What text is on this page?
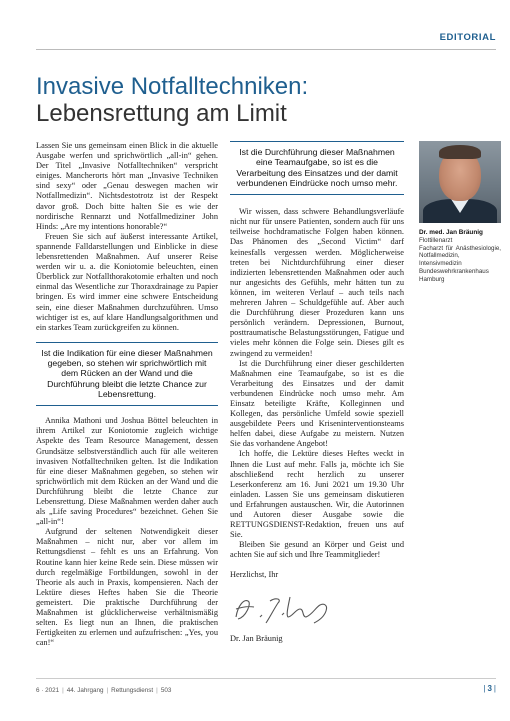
EDITORIAL
Invasive Notfalltechniken:
Lebensrettung am Limit

Lassen Sie uns gemeinsam einen Blick in die aktuelle Ausgabe werfen und sprichwörtlich „all-in“ gehen. Der Titel „Invasive Notfalltechniken“ verspricht einiges. Mancherorts hört man „Invasive Techniken sind sexy“ oder „Genau deswegen machen wir Notfallmedizin“. Nichtsdestotrotz ist der Respekt davor groß. Doch bitte halten Sie es wie der nordirische Rennarzt und Notfallmediziner John Hinds: „Are my intentions honorable?“

Freuen Sie sich auf äußerst interessante Artikel, spannende Falldarstellungen und Einblicke in diese lebensrettenden Maßnahmen. Auf unserer Reise werden wir u. a. die Koniotomie beleuchten, einen Überblick zur Notfallthorakotomie erhalten und noch einmal das Wesentliche zur Thoraxdrainage zu Papier bringen. Es wird immer eine schwere Entscheidung sein, eine dieser Maßnahmen durchzuführen. Umso wichtiger ist es, auf klare Handlungsalgorithmen und ein starkes Team zurückgreifen zu können.

Ist die Indikation für eine dieser Maßnahmen gegeben, so stehen wir sprichwörtlich mit dem Rücken an der Wand und die Durchführung bleibt die letzte Chance zur Lebensrettung.

Annika Mathoni und Joshua Böttel beleuchten in ihrem Artikel zur Koniotomie zugleich wichtige Aspekte des Team Resource Management, dessen Grundsätze selbstverständlich auch für alle weiteren invasiven Notfalltechniken gelten. Ist die Indikation für eine dieser Maßnahmen gegeben, so stehen wir sprichwörtlich mit dem Rücken an der Wand und die Durchführung bleibt die letzte Chance zur Lebensrettung. Diese Maßnahmen werden daher auch als „Life saving Procedures“ bezeichnet. Gehen Sie „all-in“!

Aufgrund der seltenen Notwendigkeit dieser Maßnahmen – nicht nur, aber vor allem im Rettungsdienst – fehlt es uns an Erfahrung. Von Routine kann hier keine Rede sein. Diese müssen wir durch regelmäßige Fortbildungen, sowohl in der Theorie als auch in Praxis, kompensieren. Nach der Lektüre dieses Heftes haben Sie die Theorie gemeistert. Die praktische Durchführung der Maßnahmen ist glücklicherweise verhältnismäßig selten. Es liegt nun an Ihnen, die praktischen Fertigkeiten zu erlernen und aufzufrischen: „Yes, you can!“

Ist die Durchführung dieser Maßnahmen eine Teamaufgabe, so ist es die Verarbeitung des Einsatzes und der damit verbundenen Eindrücke noch umso mehr.

Wir wissen, dass schwere Behandlungsverläufe nicht nur für unsere Patienten, sondern auch für uns teilweise hochdramatische Folgen haben können. Das Phänomen des „Second Victim“ darf keinesfalls vergessen werden. Möglicherweise treten bei Nichtdurchführung einer dieser indizierten lebensrettenden Maßnahmen oder auch nur angesichts des Gefühls, mehr hätten tun zu können, im weiteren Verlauf – auch teils nach mehreren Jahren – Schuldgefühle auf. Aber auch die Durchführung dieser Prozeduren kann uns persönlich verändern. Depressionen, Burnout, posttraumatische Belastungsstörungen, Fatigue und vieles mehr können die Folge sein. Dieses gilt es zwingend zu vermeiden!

Ist die Durchführung einer dieser geschilderten Maßnahmen eine Teamaufgabe, so ist es die Verarbeitung des Einsatzes und der damit verbundenen Eindrücke noch umso mehr. Am Einsatz beteiligte Kräfte, Kolleginnen und Kollegen, das persönliche Umfeld sowie speziell ausgebildete Peers und Kriseninterventionsteams helfen dabei, diese Aufgabe zu meistern. Nutzen Sie das vorhandene Angebot!

Ich hoffe, die Lektüre dieses Heftes weckt in Ihnen die Lust auf mehr. Falls ja, möchte ich Sie abschließend recht herzlich zu unserer Leserkonferenz am 16. Juni 2021 um 19.30 Uhr einladen. Lassen Sie uns gemeinsam diskutieren und Erfahrungen austauschen. Wir, die Autorinnen und Autoren dieser Ausgabe sowie die RETTUNGSDIENST-Redaktion, freuen uns auf Sie.

Bleiben Sie gesund an Körper und Geist und achten Sie auf sich und Ihre Teammitglieder!

Herzlichst, Ihr

Dr. Jan Bräunig

Dr. med. Jan Bräunig
Flottillenarzt
Facharzt für Anästhesiologie, Notfallmedizin, Intensivmedizin
Bundeswehrkrankenhaus Hamburg
6 · 2021 | 44. Jahrgang | Rettungsdienst | 503	| 3 |
